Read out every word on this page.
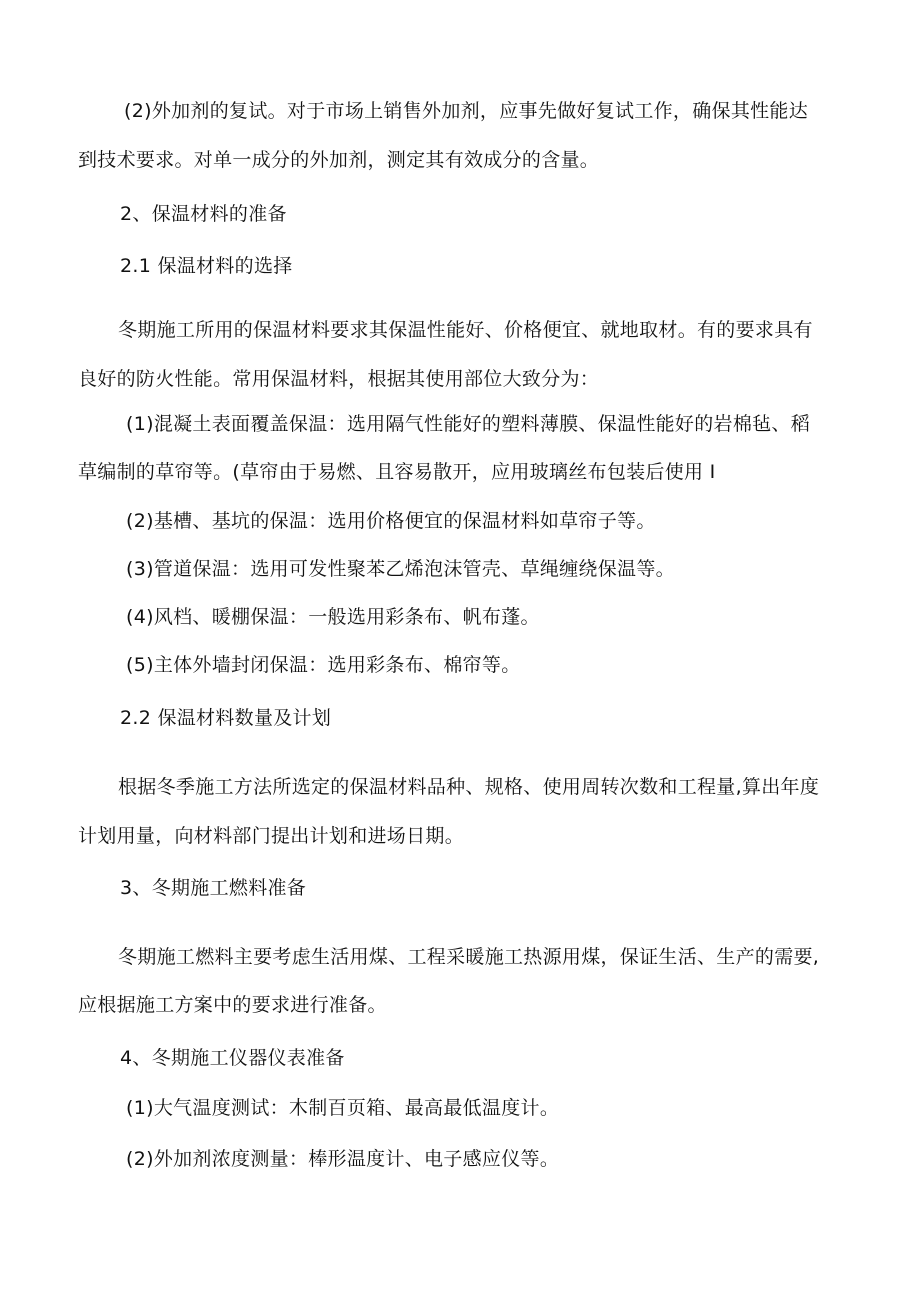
(2)外加剂的复试。对于市场上销售外加剂，应事先做好复试工作，确保其性能达
到技术要求。对单一成分的外加剂，测定其有效成分的含量。
2、保温材料的准备
2.1 保温材料的选择
冬期施工所用的保温材料要求其保温性能好、价格便宜、就地取材。有的要求具有
良好的防火性能。常用保温材料，根据其使用部位大致分为：
(1)混凝土表面覆盖保温：选用隔气性能好的塑料薄膜、保温性能好的岩棉毡、稻
草编制的草帘等。(草帘由于易燃、且容易散开，应用玻璃丝布包装后使用 I
(2)基槽、基坑的保温：选用价格便宜的保温材料如草帘子等。
(3)管道保温：选用可发性聚苯乙烯泡沫管壳、草绳缠绕保温等。
(4)风档、暖棚保温：一般选用彩条布、帆布蓬。
(5)主体外墙封闭保温：选用彩条布、棉帘等。
2.2 保温材料数量及计划
根据冬季施工方法所选定的保温材料品种、规格、使用周转次数和工程量,算出年度
计划用量，向材料部门提出计划和进场日期。
3、冬期施工燃料准备
冬期施工燃料主要考虑生活用煤、工程采暖施工热源用煤，保证生活、生产的需要,
应根据施工方案中的要求进行准备。
4、冬期施工仪器仪表准备
(1)大气温度测试：木制百页箱、最高最低温度计。
(2)外加剂浓度测量：棒形温度计、电子感应仪等。
